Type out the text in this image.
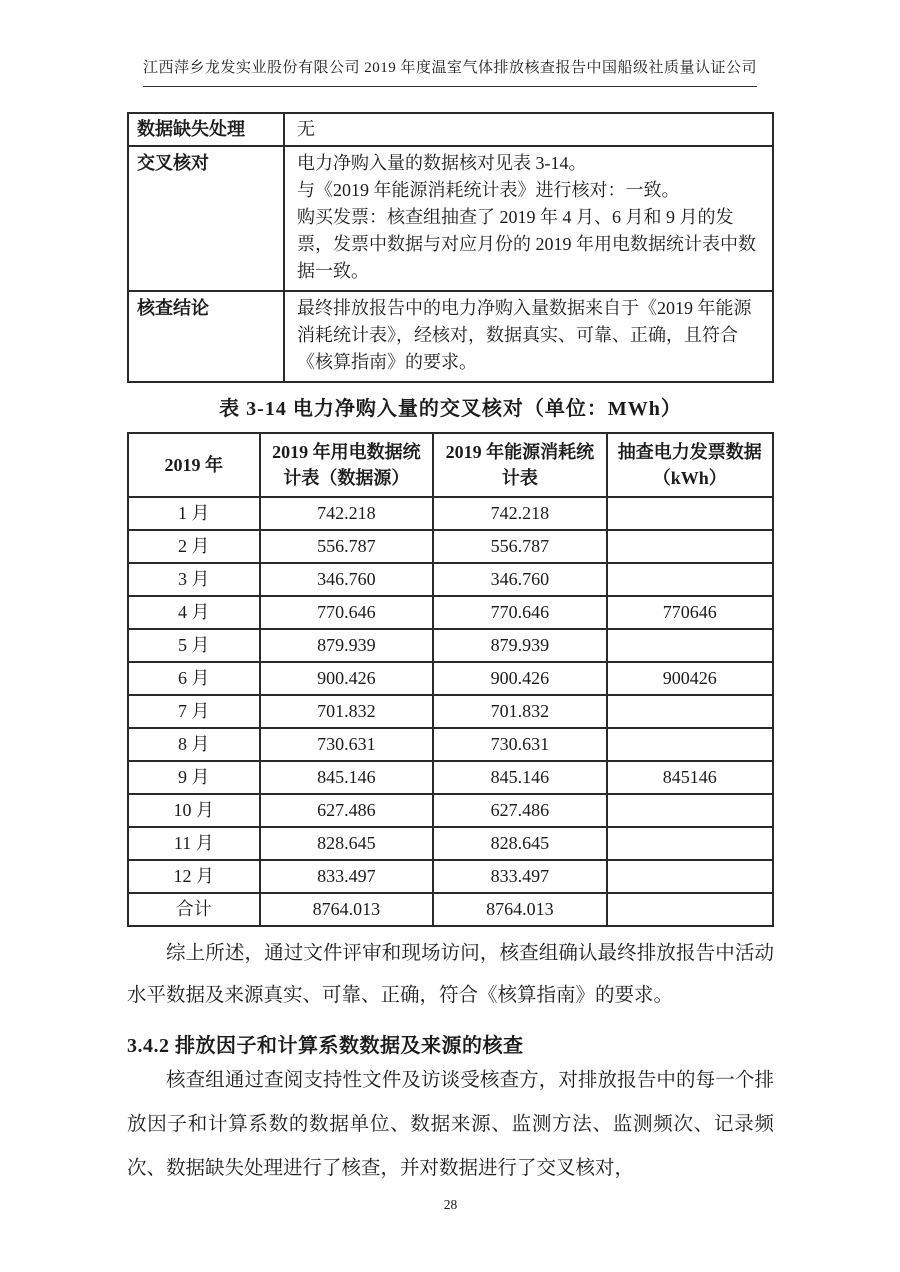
江西萍乡龙发实业股份有限公司 2019 年度温室气体排放核查报告中国船级社质量认证公司
数据缺失处理	无

交叉核对	电力净购入量的数据核对见表 3-14。
与《2019 年能源消耗统计表》进行核对：一致。
购买发票：核查组抽查了 2019 年 4 月、6 月和 9 月的发票，发票中数据与对应月份的 2019 年用电数据统计表中数据一致。

核查结论	最终排放报告中的电力净购入量数据来自于《2019 年能源消耗统计表》，经核对，数据真实、可靠、正确，且符合《核算指南》的要求。
表 3-14 电力净购入量的交叉核对（单位：MWh）
2019 年	2019 年用电数据统计表（数据源）	2019 年能源消耗统计表	抽查电力发票数据（kWh）
1 月	742.218	742.218	
2 月	556.787	556.787	
3 月	346.760	346.760	
4 月	770.646	770.646	770646
5 月	879.939	879.939	
6 月	900.426	900.426	900426
7 月	701.832	701.832	
8 月	730.631	730.631	
9 月	845.146	845.146	845146
10 月	627.486	627.486	
11 月	828.645	828.645	
12 月	833.497	833.497	
合计	8764.013	8764.013	

综上所述，通过文件评审和现场访问，核查组确认最终排放报告中活动水平数据及来源真实、可靠、正确，符合《核算指南》的要求。

3.4.2 排放因子和计算系数数据及来源的核查

核查组通过查阅支持性文件及访谈受核查方，对排放报告中的每一个排放因子和计算系数的数据单位、数据来源、监测方法、监测频次、记录频次、数据缺失处理进行了核查，并对数据进行了交叉核对，

28
